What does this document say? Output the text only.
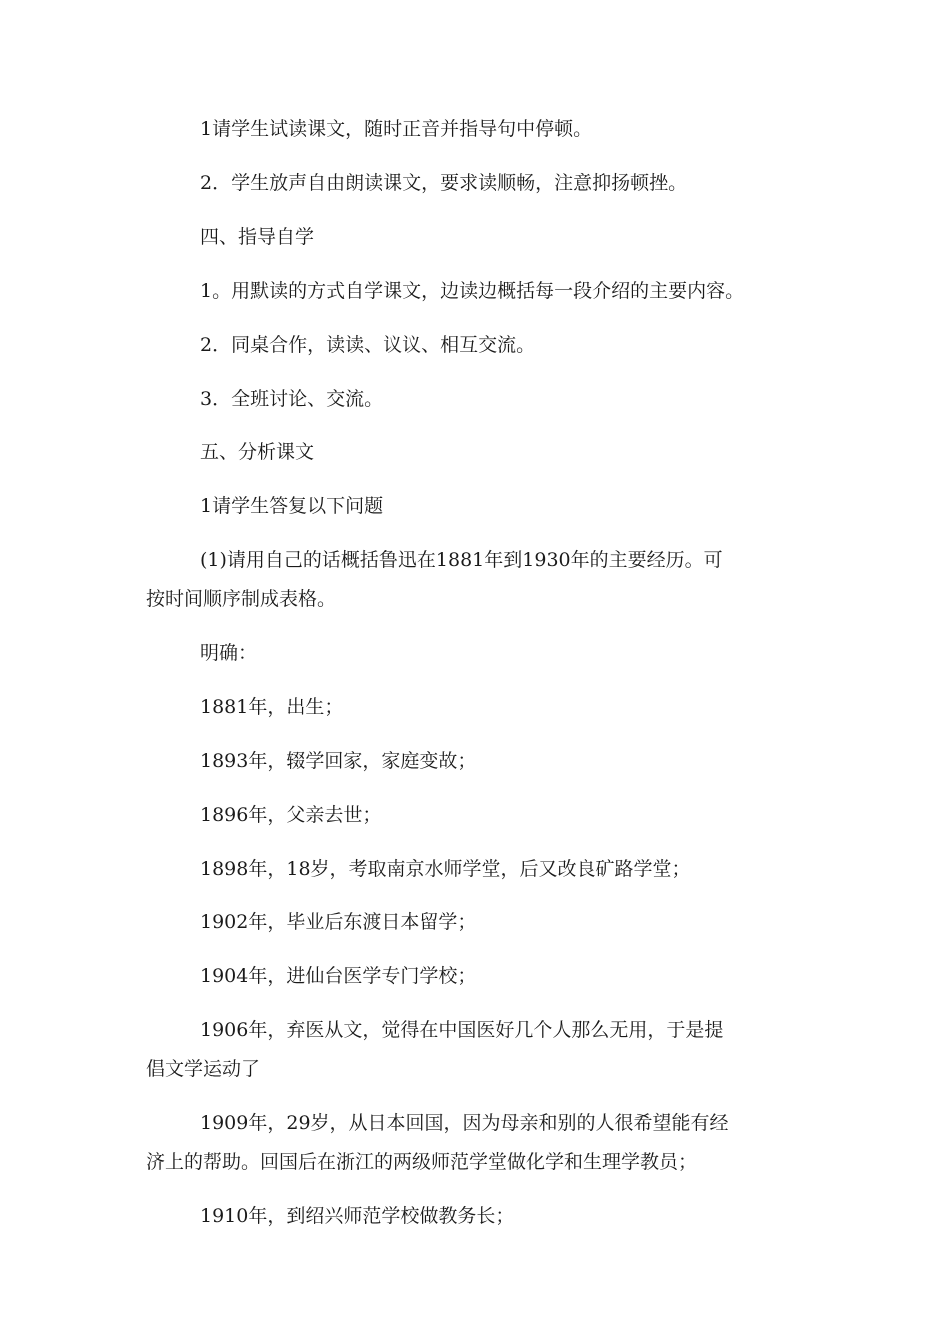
1请学生试读课文，随时正音并指导句中停顿。

2．学生放声自由朗读课文，要求读顺畅，注意抑扬顿挫。

四、指导自学

1。用默读的方式自学课文，边读边概括每一段介绍的主要内容。

2．同桌合作，读读、议议、相互交流。

3．全班讨论、交流。

五、分析课文

1请学生答复以下问题

(1)请用自己的话概括鲁迅在1881年到1930年的主要经历。可
按时间顺序制成表格。

明确：

1881年，出生；

1893年，辍学回家，家庭变故；

1896年，父亲去世；

1898年，18岁，考取南京水师学堂，后又改良矿路学堂；

1902年，毕业后东渡日本留学；

1904年，进仙台医学专门学校；

1906年，弃医从文，觉得在中国医好几个人那么无用，于是提
倡文学运动了
1909年，29岁，从日本回国，因为母亲和别的人很希望能有经
济上的帮助。回国后在浙江的两级师范学堂做化学和生理学教员；

1910年，到绍兴师范学校做教务长；
